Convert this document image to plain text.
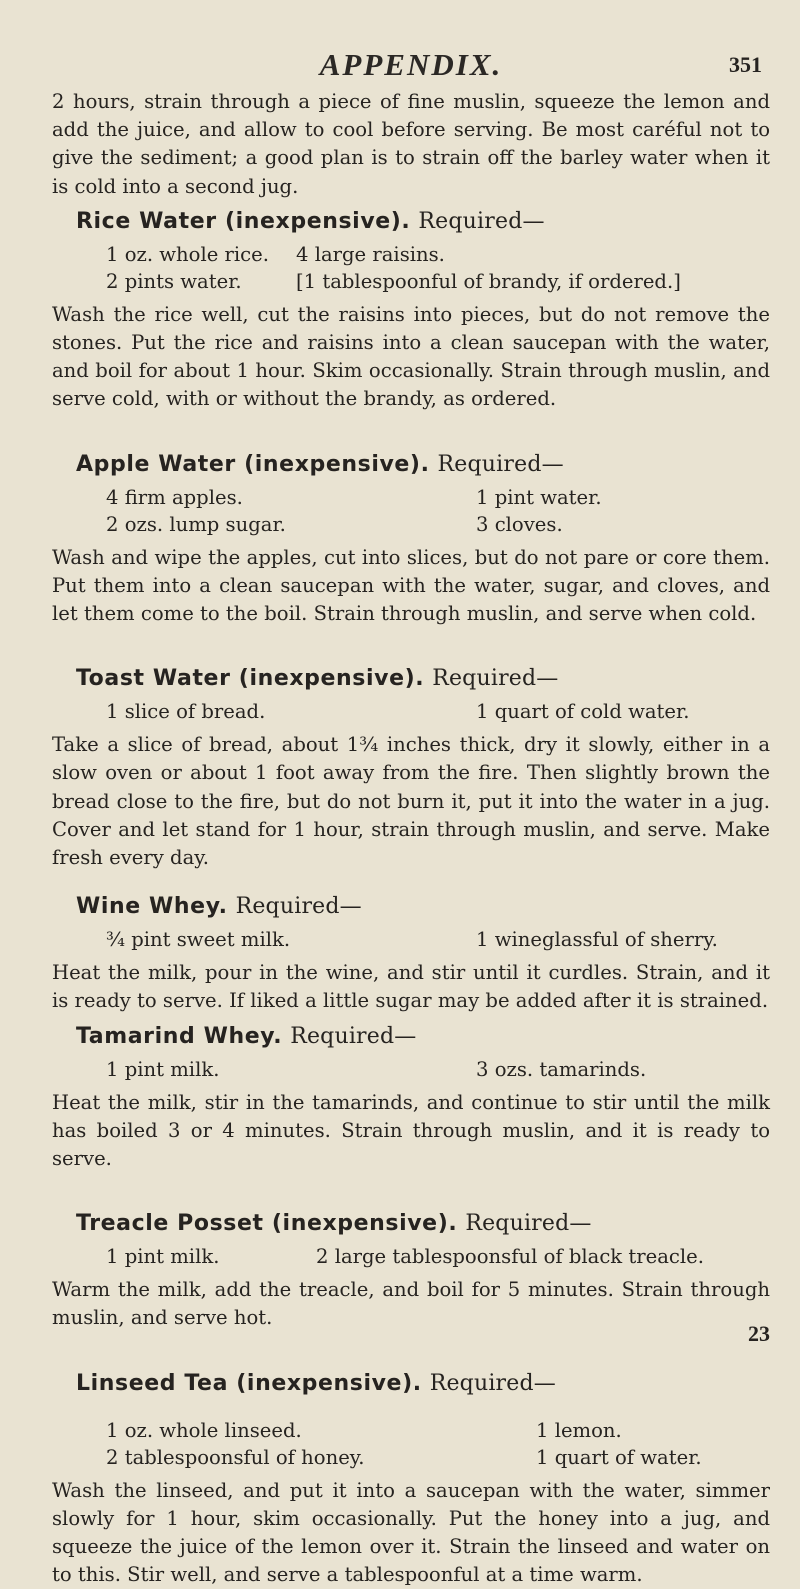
APPENDIX.	351

2 hours, strain through a piece of fine muslin, squeeze the lemon and add the juice, and allow to cool before serving. Be most caréful not to give the sediment; a good plan is to strain off the barley water when it is cold into a second jug.

Rice Water (inexpensive). Required—
1 oz. whole rice.	4 large raisins.
2 pints water.	[1 tablespoonful of brandy, if ordered.]

Wash the rice well, cut the raisins into pieces, but do not remove the stones. Put the rice and raisins into a clean saucepan with the water, and boil for about 1 hour. Skim occasionally. Strain through muslin, and serve cold, with or without the brandy, as ordered.

Apple Water (inexpensive). Required—
4 firm apples.	1 pint water.
2 ozs. lump sugar.	3 cloves.

Wash and wipe the apples, cut into slices, but do not pare or core them. Put them into a clean saucepan with the water, sugar, and cloves, and let them come to the boil. Strain through muslin, and serve when cold.

Toast Water (inexpensive). Required—
1 slice of bread.	1 quart of cold water.

Take a slice of bread, about 1¾ inches thick, dry it slowly, either in a slow oven or about 1 foot away from the fire. Then slightly brown the bread close to the fire, but do not burn it, put it into the water in a jug. Cover and let stand for 1 hour, strain through muslin, and serve. Make fresh every day.

Wine Whey. Required—
¾ pint sweet milk.	1 wineglassful of sherry.

Heat the milk, pour in the wine, and stir until it curdles. Strain, and it is ready to serve. If liked a little sugar may be added after it is strained.

Tamarind Whey. Required—
1 pint milk.	3 ozs. tamarinds.

Heat the milk, stir in the tamarinds, and continue to stir until the milk has boiled 3 or 4 minutes. Strain through muslin, and it is ready to serve.

Treacle Posset (inexpensive). Required—
1 pint milk.	2 large tablespoonsful of black treacle.

Warm the milk, add the treacle, and boil for 5 minutes. Strain through muslin, and serve hot.

Linseed Tea (inexpensive). Required—
1 oz. whole linseed.	1 lemon.
2 tablespoonsful of honey.	1 quart of water.

Wash the linseed, and put it into a saucepan with the water, simmer slowly for 1 hour, skim occasionally. Put the honey into a jug, and squeeze the juice of the lemon over it. Strain the linseed and water on to this. Stir well, and serve a tablespoonful at a time warm.

23
